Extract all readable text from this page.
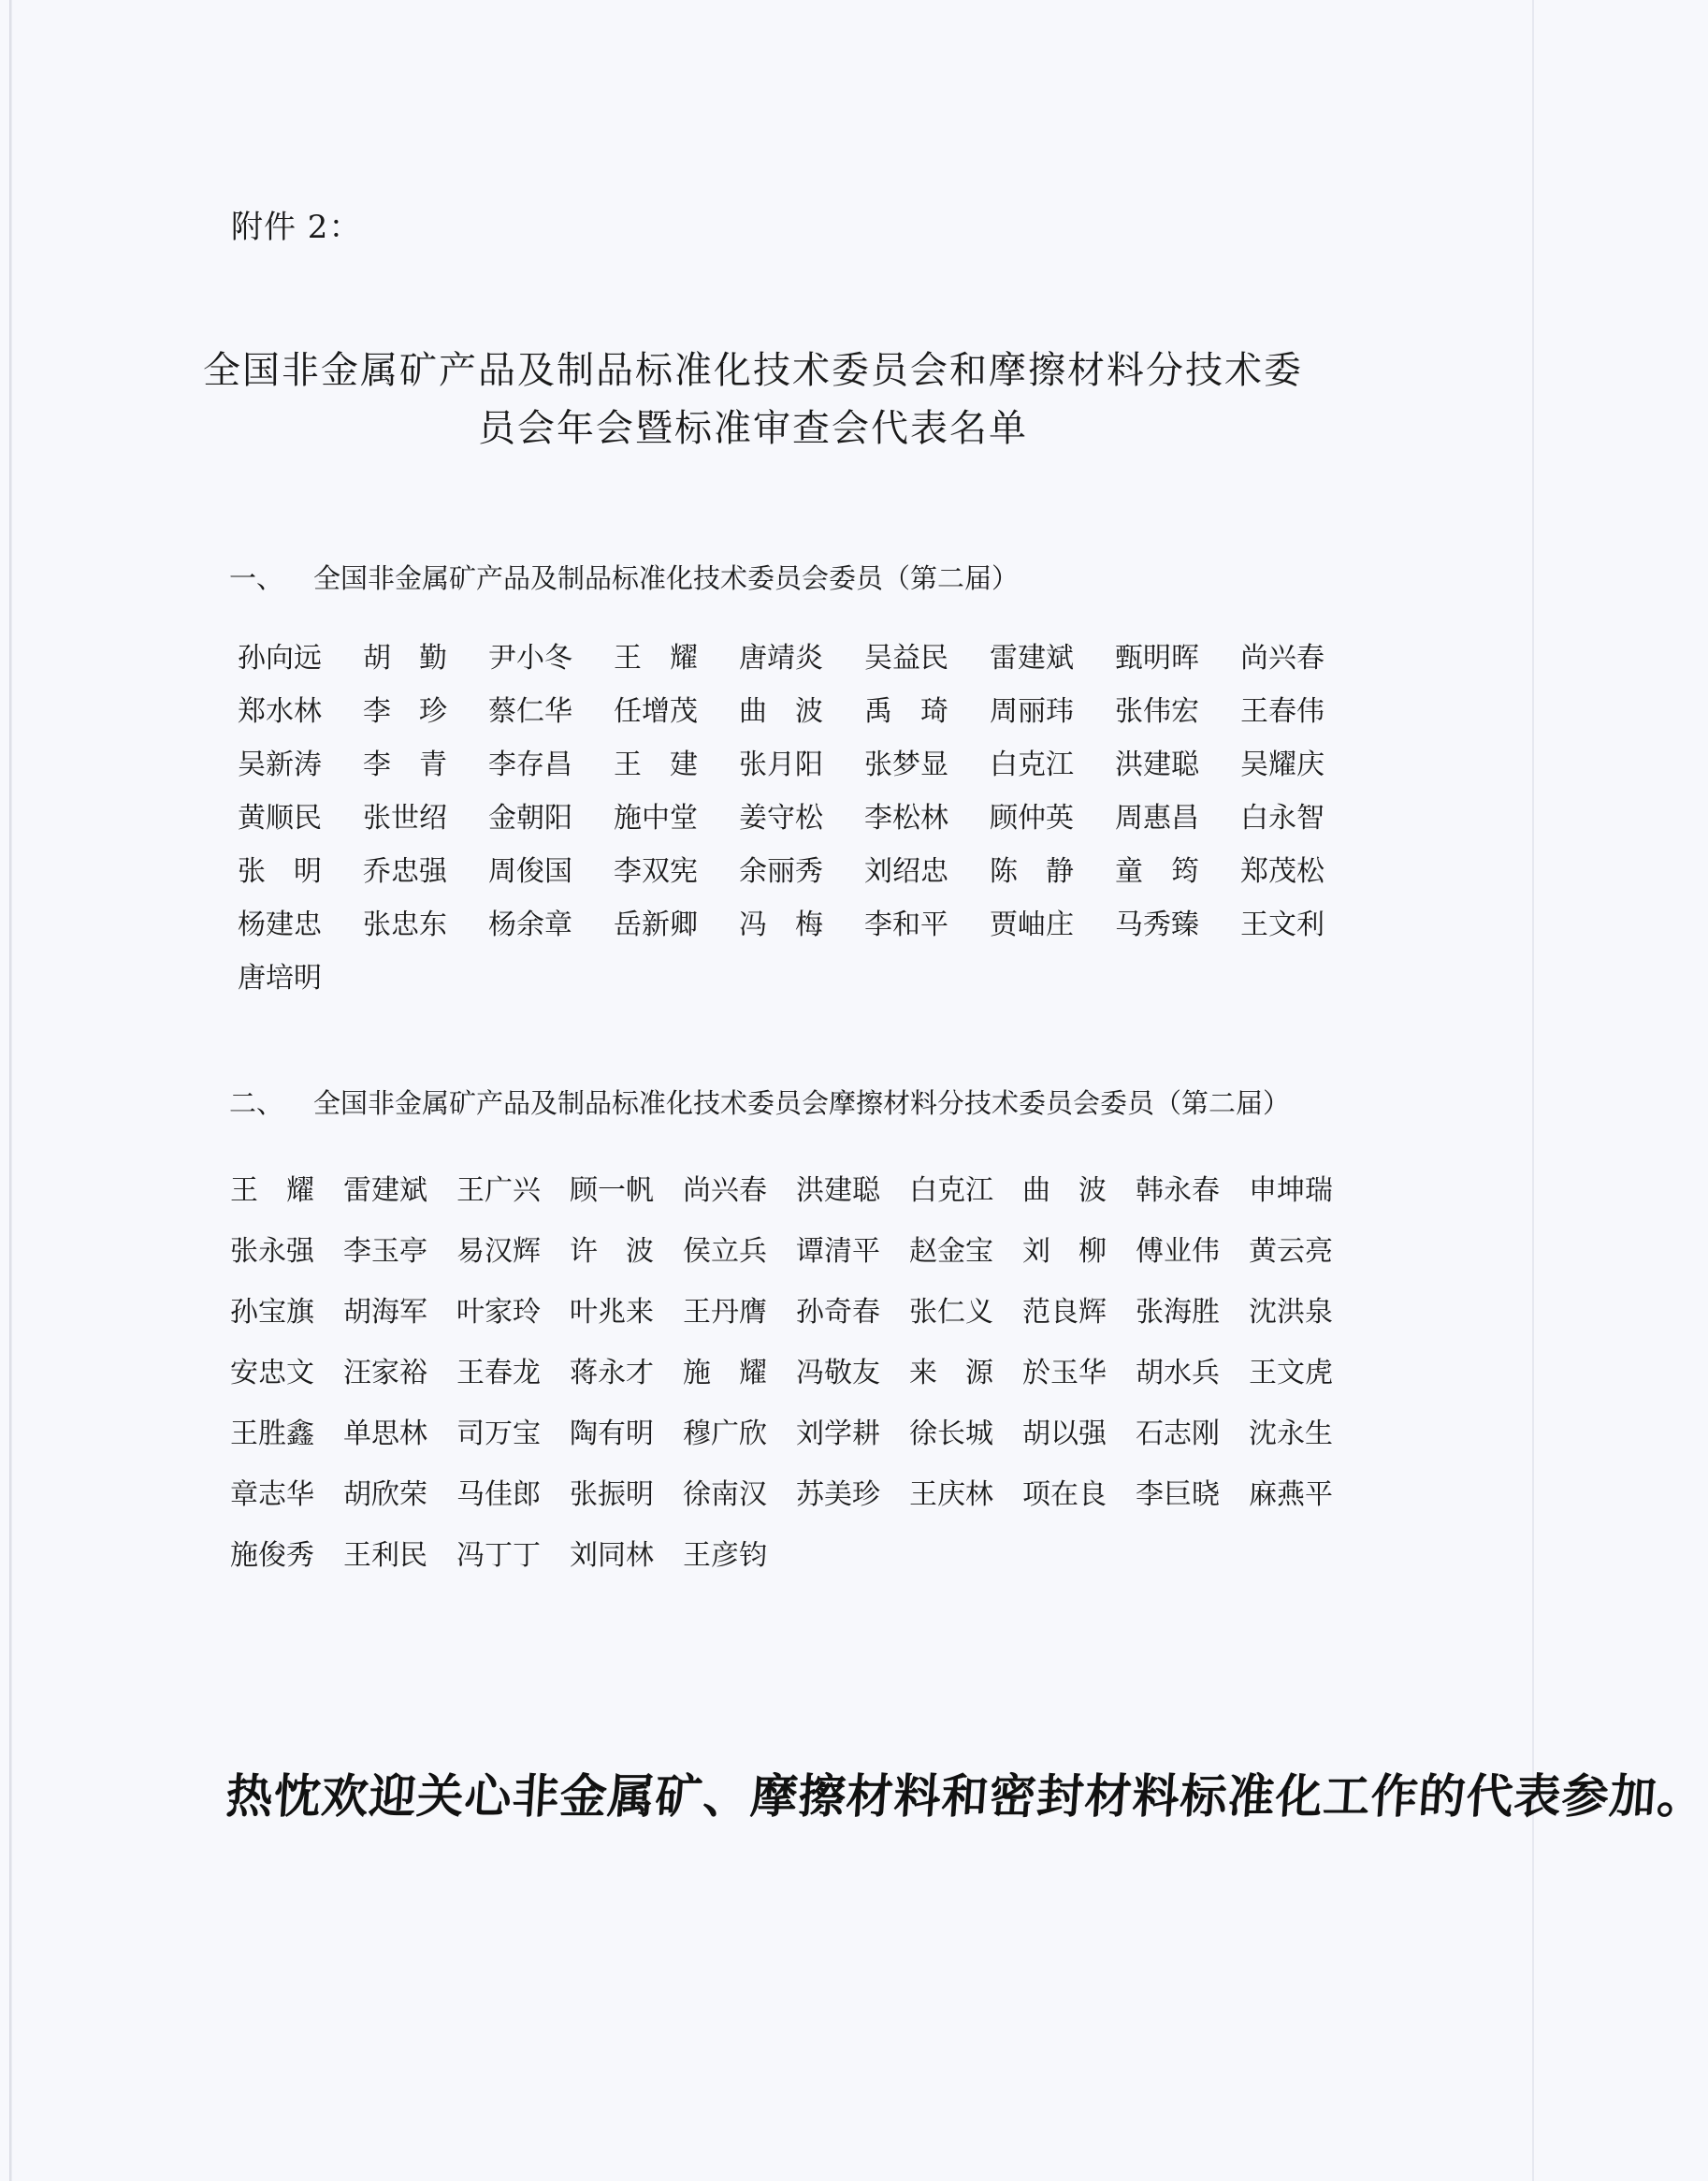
附件 2：
全国非金属矿产品及制品标准化技术委员会和摩擦材料分技术委员会年会暨标准审查会代表名单
一、 全国非金属矿产品及制品标准化技术委员会委员（第二届）
孙向远	胡　勤	尹小冬	王　耀	唐靖炎	吴益民	雷建斌	甄明晖	尚兴春
郑水林	李　珍	蔡仁华	任增茂	曲　波	禹　琦	周丽玮	张伟宏	王春伟
吴新涛	李　青	李存昌	王　建	张月阳	张梦显	白克江	洪建聪	吴耀庆
黄顺民	张世绍	金朝阳	施中堂	姜守松	李松林	顾仲英	周惠昌	白永智
张　明	乔忠强	周俊国	李双宪	余丽秀	刘绍忠	陈　静	童　筠	郑茂松
杨建忠	张忠东	杨余章	岳新卿	冯　梅	李和平	贾岫庄	马秀臻	王文利
唐培明
二、 全国非金属矿产品及制品标准化技术委员会摩擦材料分技术委员会委员（第二届）
王　耀	雷建斌	王广兴	顾一帆	尚兴春	洪建聪	白克江	曲　波	韩永春	申坤瑞
张永强	李玉亭	易汉辉	许　波	侯立兵	谭清平	赵金宝	刘　柳	傅业伟	黄云亮
孙宝旗	胡海军	叶家玲	叶兆来	王丹膺	孙奇春	张仁义	范良辉	张海胜	沈洪泉
安忠文	汪家裕	王春龙	蒋永才	施　耀	冯敬友	来　源	於玉华	胡水兵	王文虎
王胜鑫	单思林	司万宝	陶有明	穆广欣	刘学耕	徐长城	胡以强	石志刚	沈永生
章志华	胡欣荣	马佳郎	张振明	徐南汉	苏美珍	王庆林	项在良	李巨晓	麻燕平
施俊秀	王利民	冯丁丁	刘同林	王彦钧
热忱欢迎关心非金属矿、摩擦材料和密封材料标准化工作的代表参加。
